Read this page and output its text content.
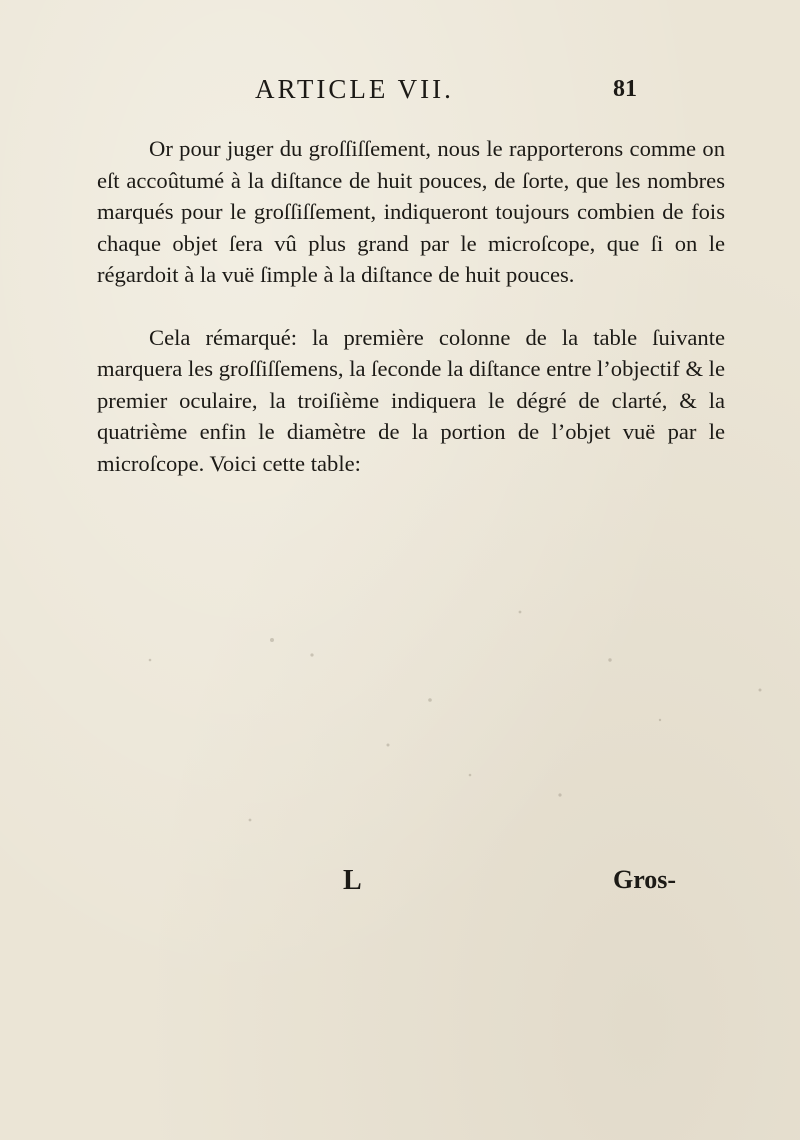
ARTICLE VII.	81

Or pour juger du groſſiſſement, nous le rapporterons comme on eſt accoûtumé à la diſtance de huit pouces, de ſorte, que les nombres marqués pour le groſſiſſement, indiqueront toujours combien de fois chaque objet ſera vû plus grand par le microſcope, que ſi on le régardoit à la vuë ſimple à la diſtance de huit pouces.

Cela rémarqué: la première colonne de la table ſuivante marquera les groſſiſſemens, la ſeconde la diſtance entre l’objectif & le premier oculaire, la troiſième indiquera le dégré de clarté, & la quatrième enfin le diamètre de la portion de l’objet vuë par le microſcope. Voici cette table:

L	Gros-
